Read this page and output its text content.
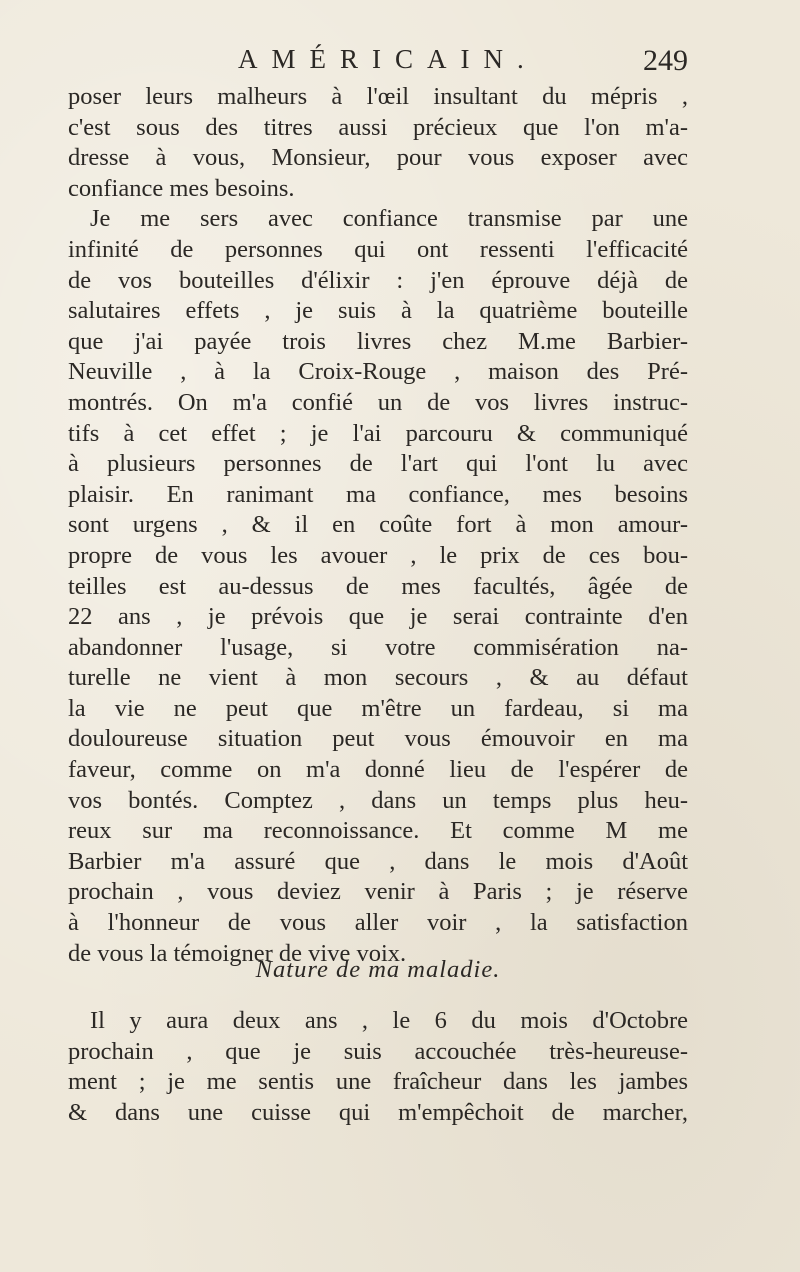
AMÉRICAIN.	249
poser leurs malheurs à l'œil insultant du mépris ,
c'est sous des titres aussi précieux que l'on m'a-
dresse à vous, Monsieur, pour vous exposer avec
confiance mes besoins.
Je me sers avec confiance transmise par une
infinité de personnes qui ont ressenti l'efficacité
de vos bouteilles d'élixir : j'en éprouve déjà de
salutaires effets , je suis à la quatrième bouteille
que j'ai payée trois livres chez M.me Barbier-
Neuville , à la Croix-Rouge , maison des Pré-
montrés. On m'a confié un de vos livres instruc-
tifs à cet effet ; je l'ai parcouru & communiqué
à plusieurs personnes de l'art qui l'ont lu avec
plaisir. En ranimant ma confiance, mes besoins
sont urgens , & il en coûte fort à mon amour-
propre de vous les avouer , le prix de ces bou-
teilles est au-dessus de mes facultés, âgée de
22 ans , je prévois que je serai contrainte d'en
abandonner l'usage, si votre commisération na-
turelle ne vient à mon secours , & au défaut
la vie ne peut que m'être un fardeau, si ma
douloureuse situation peut vous émouvoir en ma
faveur, comme on m'a donné lieu de l'espérer de
vos bontés. Comptez , dans un temps plus heu-
reux sur ma reconnoissance. Et comme M me
Barbier m'a assuré que , dans le mois d'Août
prochain , vous deviez venir à Paris ; je réserve
à l'honneur de vous aller voir , la satisfaction
de vous la témoigner de vive voix.
Nature de ma maladie.
Il y aura deux ans , le 6 du mois d'Octobre
prochain , que je suis accouchée très-heureuse-
ment ; je me sentis une fraîcheur dans les jambes
& dans une cuisse qui m'empêchoit de marcher,
